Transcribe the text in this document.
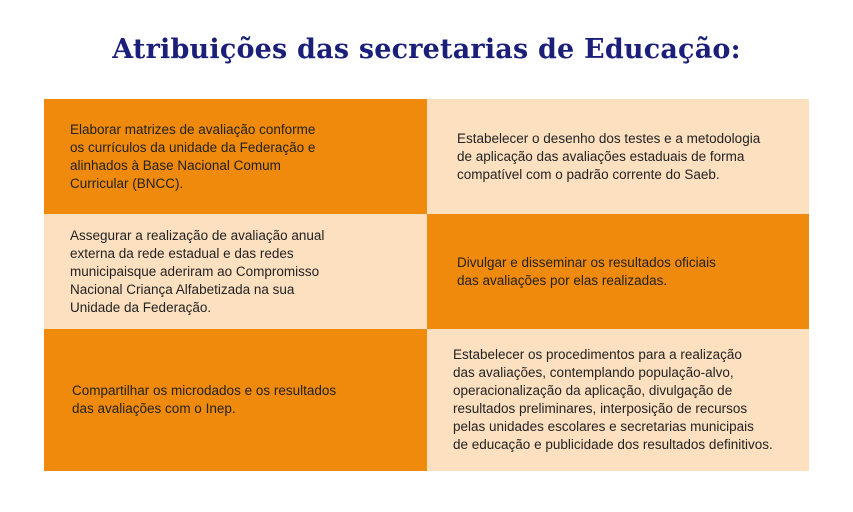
Atribuições das secretarias de Educação:
Elaborar matrizes de avaliação conforme
os currículos da unidade da Federação e
alinhados à Base Nacional Comum
Curricular (BNCC).
Estabelecer o desenho dos testes e a metodologia
de aplicação das avaliações estaduais de forma
compatível com o padrão corrente do Saeb.
Assegurar a realização de avaliação anual
externa da rede estadual e das redes
municipaisque aderiram ao Compromisso
Nacional Criança Alfabetizada na sua
Unidade da Federação.
Divulgar e disseminar os resultados oficiais
das avaliações por elas realizadas.
Compartilhar os microdados e os resultados
das avaliações com o Inep.
Estabelecer os procedimentos para a realização
das avaliações, contemplando população-alvo,
operacionalização da aplicação, divulgação de
resultados preliminares, interposição de recursos
pelas unidades escolares e secretarias municipais
de educação e publicidade dos resultados definitivos.
